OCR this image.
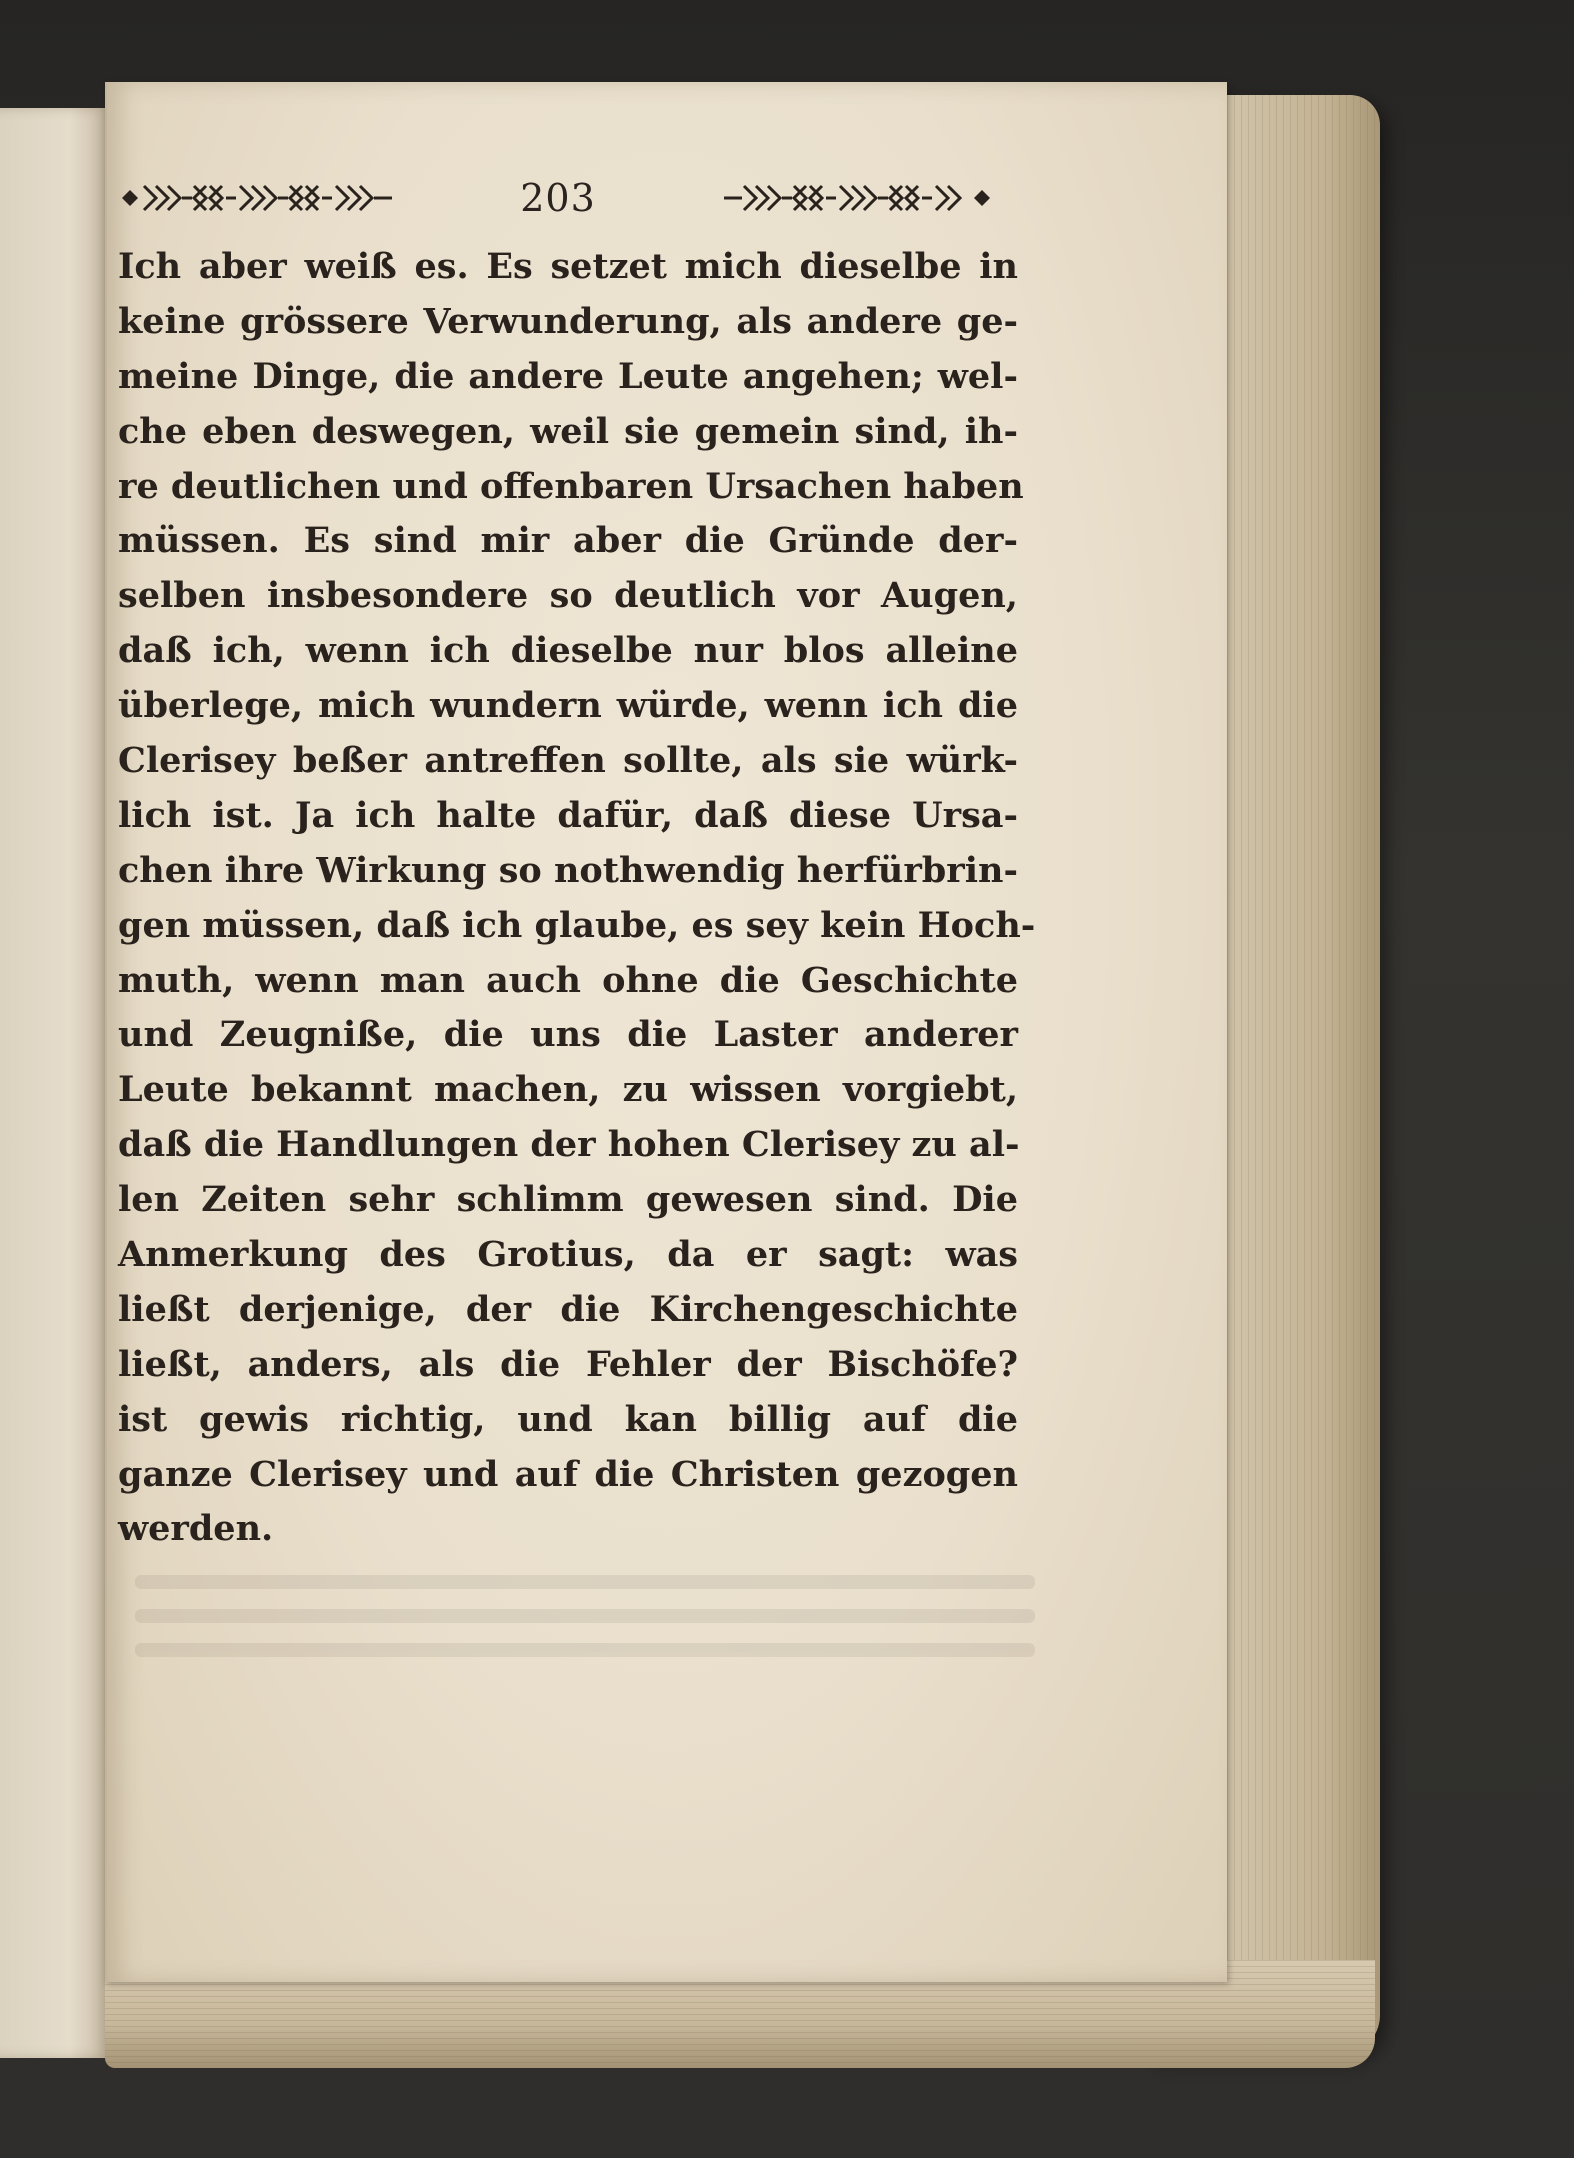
203
Ich aber weiß es. Es setzet mich dieselbe in
keine grössere Verwunderung, als andere ge-
meine Dinge, die andere Leute angehen; wel-
che eben deswegen, weil sie gemein sind, ih-
re deutlichen und offenbaren Ursachen haben
müssen. Es sind mir aber die Gründe der-
selben insbesondere so deutlich vor Augen,
daß ich, wenn ich dieselbe nur blos alleine
überlege, mich wundern würde, wenn ich die
Clerisey beßer antreffen sollte, als sie würk-
lich ist. Ja ich halte dafür, daß diese Ursa-
chen ihre Wirkung so nothwendig herfürbrin-
gen müssen, daß ich glaube, es sey kein Hoch-
muth, wenn man auch ohne die Geschichte
und Zeugniße, die uns die Laster anderer
Leute bekannt machen, zu wissen vorgiebt,
daß die Handlungen der hohen Clerisey zu al-
len Zeiten sehr schlimm gewesen sind. Die
Anmerkung des Grotius, da er sagt: was
ließt derjenige, der die Kirchengeschichte
ließt, anders, als die Fehler der Bischöfe?
ist gewis richtig, und kan billig auf die
ganze Clerisey und auf die Christen gezogen
werden.
